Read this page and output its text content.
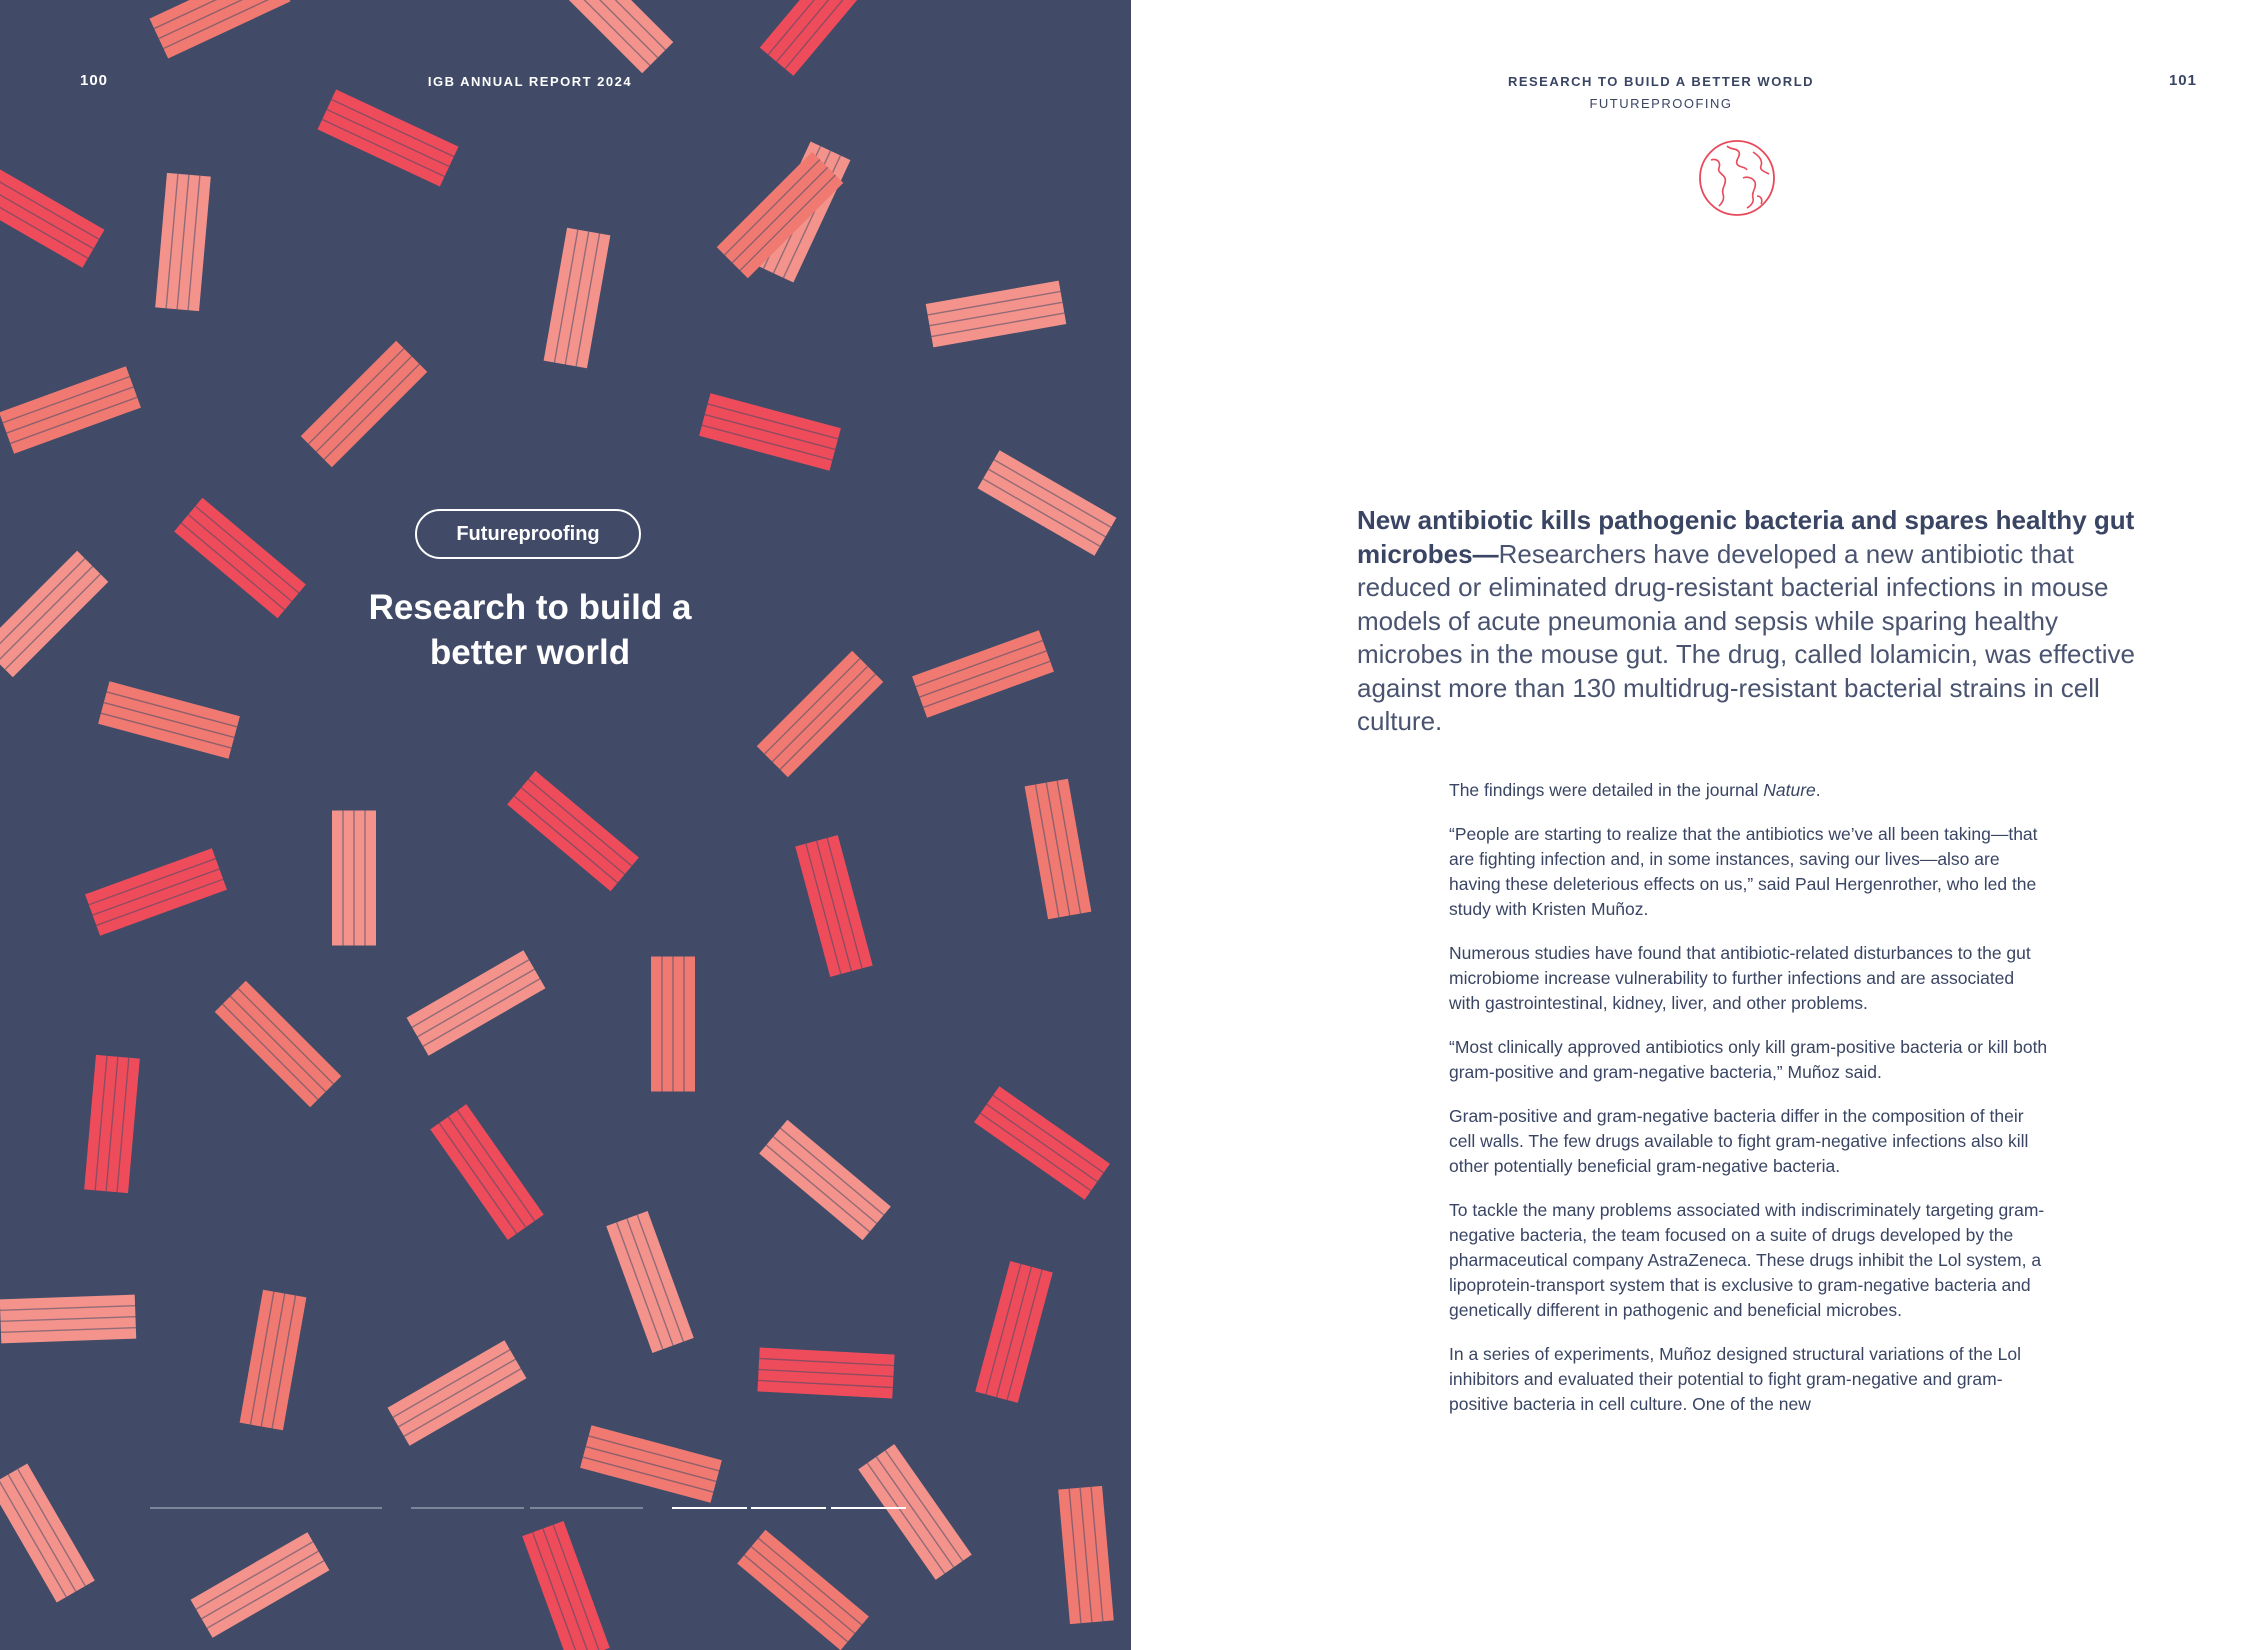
100	IGB ANNUAL REPORT 2024
Futureproofing
Research to build a better world
RESEARCH TO BUILD A BETTER WORLD
FUTUREPROOFING
101
New antibiotic kills pathogenic bacteria and spares healthy gut microbes—Researchers have developed a new antibiotic that reduced or eliminated drug-resistant bacterial infections in mouse models of acute pneumonia and sepsis while sparing healthy microbes in the mouse gut. The drug, called lolamicin, was effective against more than 130 multidrug-resistant bacterial strains in cell culture.

The findings were detailed in the journal Nature.

“People are starting to realize that the antibiotics we’ve all been taking—that are fighting infection and, in some instances, saving our lives—also are having these deleterious effects on us,” said Paul Hergenrother, who led the study with Kristen Muñoz.

Numerous studies have found that antibiotic-related disturbances to the gut microbiome increase vulnerability to further infections and are associated with gastrointestinal, kidney, liver, and other problems.

“Most clinically approved antibiotics only kill gram-positive bacteria or kill both gram-positive and gram-negative bacteria,” Muñoz said.

Gram-positive and gram-negative bacteria differ in the composition of their cell walls. The few drugs available to fight gram-negative infections also kill other potentially beneficial gram-negative bacteria.

To tackle the many problems associated with indiscriminately targeting gram-negative bacteria, the team focused on a suite of drugs developed by the pharmaceutical company AstraZeneca. These drugs inhibit the Lol system, a lipoprotein-transport system that is exclusive to gram-negative bacteria and genetically different in pathogenic and beneficial microbes.

In a series of experiments, Muñoz designed structural variations of the Lol inhibitors and evaluated their potential to fight gram-negative and gram-positive bacteria in cell culture. One of the new
